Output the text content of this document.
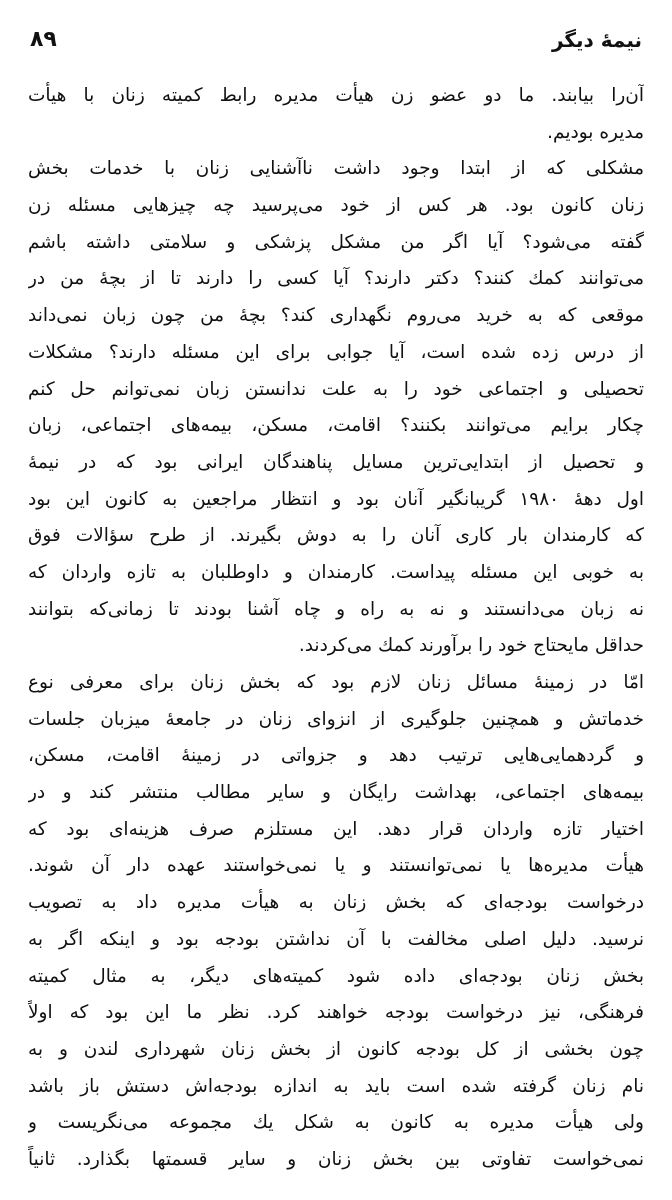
۸۹	نیمهٔ دیگر
آن‌را بیابند. ما دو عضو زن هیأت مدیره رابط کمیته زنان با هیأت
مدیره بودیم.
مشکلی که از ابتدا وجود داشت ناآشنایی زنان با خدمات بخش
زنان کانون بود. هر کس از خود می‌پرسید چه چیزهایی مسئله زن
گفته می‌شود؟ آیا اگر من مشکل پزشکی و سلامتی داشته باشم
می‌توانند کمك کنند؟ دکتر دارند؟ آیا کسی را دارند تا از بچهٔ من در
موقعی که به خرید می‌روم نگهداری کند؟ بچهٔ من چون زبان نمی‌داند
از درس زده شده است، آیا جوابی برای این مسئله دارند؟ مشکلات
تحصیلی و اجتماعی خود را به علت ندانستن زبان نمی‌توانم حل کنم
چکار برایم می‌توانند بکنند؟ اقامت، مسکن، بیمه‌های اجتماعی، زبان
و تحصیل از ابتدایی‌ترین مسایل پناهندگان ایرانی بود که در نیمهٔ
اول دههٔ ۱۹۸۰ گریبانگیر آنان بود و انتظار مراجعین به کانون این بود
که کارمندان بار کاری آنان را به دوش بگیرند. از طرح سؤالات فوق
به خوبی این مسئله پیداست. کارمندان و داوطلبان به تازه واردان که
نه زبان می‌دانستند و نه به راه و چاه آشنا بودند تا زمانی‌که بتوانند
حداقل مایحتاج خود را برآورند کمك می‌کردند.
امّا در زمینهٔ مسائل زنان لازم بود که بخش زنان برای معرفی نوع
خدماتش و همچنین جلوگیری از انزوای زنان در جامعهٔ میزبان جلسات
و گردهمایی‌هایی ترتیب دهد و جزواتی در زمینهٔ اقامت، مسکن،
بیمه‌های اجتماعی، بهداشت رایگان و سایر مطالب منتشر کند و در
اختیار تازه واردان قرار دهد. این مستلزم صرف هزینه‌ای بود که
هیأت مدیره‌ها یا نمی‌توانستند و یا نمی‌خواستند عهده دار آن شوند.
درخواست بودجه‌ای که بخش زنان به هیأت مدیره داد به تصویب
نرسید. دلیل اصلی مخالفت با آن نداشتن بودجه بود و اینکه اگر به
بخش زنان بودجه‌ای داده شود کمیته‌های دیگر، به مثال کمیته
فرهنگی، نیز درخواست بودجه خواهند کرد. نظر ما این بود که اولاً
چون بخشی از کل بودجه کانون از بخش زنان شهرداری لندن و به
نام زنان گرفته شده است باید به اندازه بودجه‌اش دستش باز باشد
ولی هیأت مدیره به کانون به شکل یك مجموعه می‌نگریست و
نمی‌خواست تفاوتی بین بخش زنان و سایر قسمتها بگذارد. ثانیاً
